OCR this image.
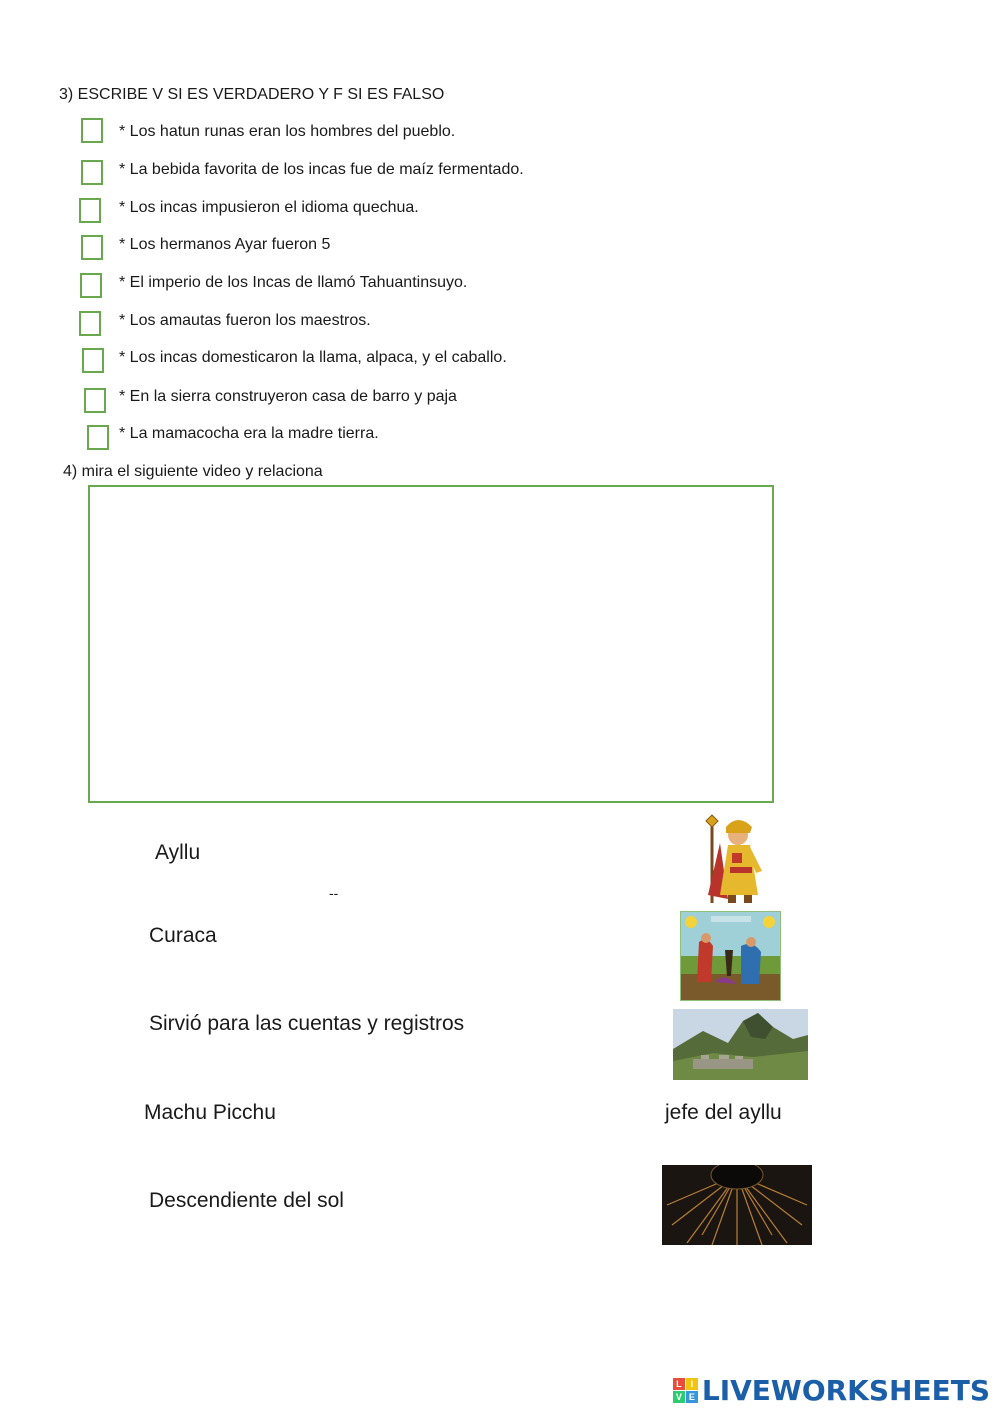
3) ESCRIBE V SI ES VERDADERO Y F SI ES FALSO
* Los hatun runas eran los hombres del pueblo.
* La bebida favorita de los incas fue de maíz fermentado.
* Los incas impusieron el idioma quechua.
* Los hermanos Ayar fueron 5
* El imperio de los Incas de llamó Tahuantinsuyo.
* Los amautas fueron los maestros.
* Los incas domesticaron la llama, alpaca, y el caballo.
* En la sierra construyeron casa de barro y paja
* La mamacocha era la madre tierra.
4) mira el siguiente video y relaciona
Ayllu
--
Curaca
Sirvió para las cuentas y registros
Machu Picchu	jefe del ayllu
Descendiente del sol
L I
V E LIVEWORKSHEETS
